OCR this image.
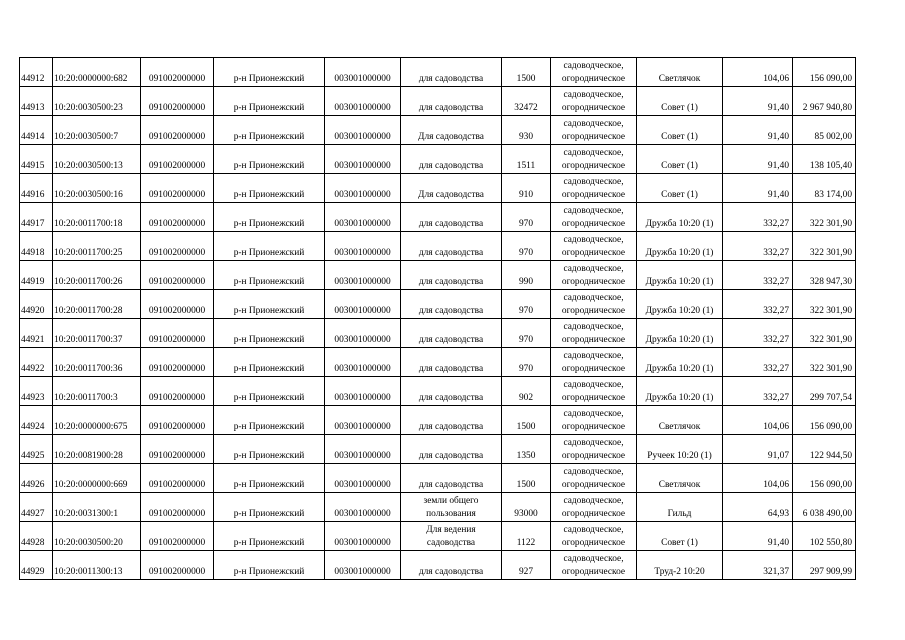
44912	10:20:0000000:682	091002000000	р-н Прионежский	003001000000	для садоводства	1500	садоводческое, огородническое	Светлячок	104,06	156 090,00
44913	10:20:0030500:23	091002000000	р-н Прионежский	003001000000	для садоводства	32472	садоводческое, огородническое	Совет (1)	91,40	2 967 940,80
44914	10:20:0030500:7	091002000000	р-н Прионежский	003001000000	Для садоводства	930	садоводческое, огородническое	Совет (1)	91,40	85 002,00
44915	10:20:0030500:13	091002000000	р-н Прионежский	003001000000	для садоводства	1511	садоводческое, огородническое	Совет (1)	91,40	138 105,40
44916	10:20:0030500:16	091002000000	р-н Прионежский	003001000000	Для садоводства	910	садоводческое, огородническое	Совет (1)	91,40	83 174,00
44917	10:20:0011700:18	091002000000	р-н Прионежский	003001000000	для садоводства	970	садоводческое, огородническое	Дружба 10:20 (1)	332,27	322 301,90
44918	10:20:0011700:25	091002000000	р-н Прионежский	003001000000	для садоводства	970	садоводческое, огородническое	Дружба 10:20 (1)	332,27	322 301,90
44919	10:20:0011700:26	091002000000	р-н Прионежский	003001000000	для садоводства	990	садоводческое, огородническое	Дружба 10:20 (1)	332,27	328 947,30
44920	10:20:0011700:28	091002000000	р-н Прионежский	003001000000	для садоводства	970	садоводческое, огородническое	Дружба 10:20 (1)	332,27	322 301,90
44921	10:20:0011700:37	091002000000	р-н Прионежский	003001000000	для садоводства	970	садоводческое, огородническое	Дружба 10:20 (1)	332,27	322 301,90
44922	10:20:0011700:36	091002000000	р-н Прионежский	003001000000	для садоводства	970	садоводческое, огородническое	Дружба 10:20 (1)	332,27	322 301,90
44923	10:20:0011700:3	091002000000	р-н Прионежский	003001000000	для садоводства	902	садоводческое, огородническое	Дружба 10:20 (1)	332,27	299 707,54
44924	10:20:0000000:675	091002000000	р-н Прионежский	003001000000	для садоводства	1500	садоводческое, огородническое	Светлячок	104,06	156 090,00
44925	10:20:0081900:28	091002000000	р-н Прионежский	003001000000	для садоводства	1350	садоводческое, огородническое	Ручеек 10:20 (1)	91,07	122 944,50
44926	10:20:0000000:669	091002000000	р-н Прионежский	003001000000	для садоводства	1500	садоводческое, огородническое	Светлячок	104,06	156 090,00
44927	10:20:0031300:1	091002000000	р-н Прионежский	003001000000	земли общего пользования	93000	садоводческое, огородническое	Гильд	64,93	6 038 490,00
44928	10:20:0030500:20	091002000000	р-н Прионежский	003001000000	Для ведения садоводства	1122	садоводческое, огородническое	Совет (1)	91,40	102 550,80
44929	10:20:0011300:13	091002000000	р-н Прионежский	003001000000	для садоводства	927	садоводческое, огородническое	Труд-2 10:20	321,37	297 909,99
